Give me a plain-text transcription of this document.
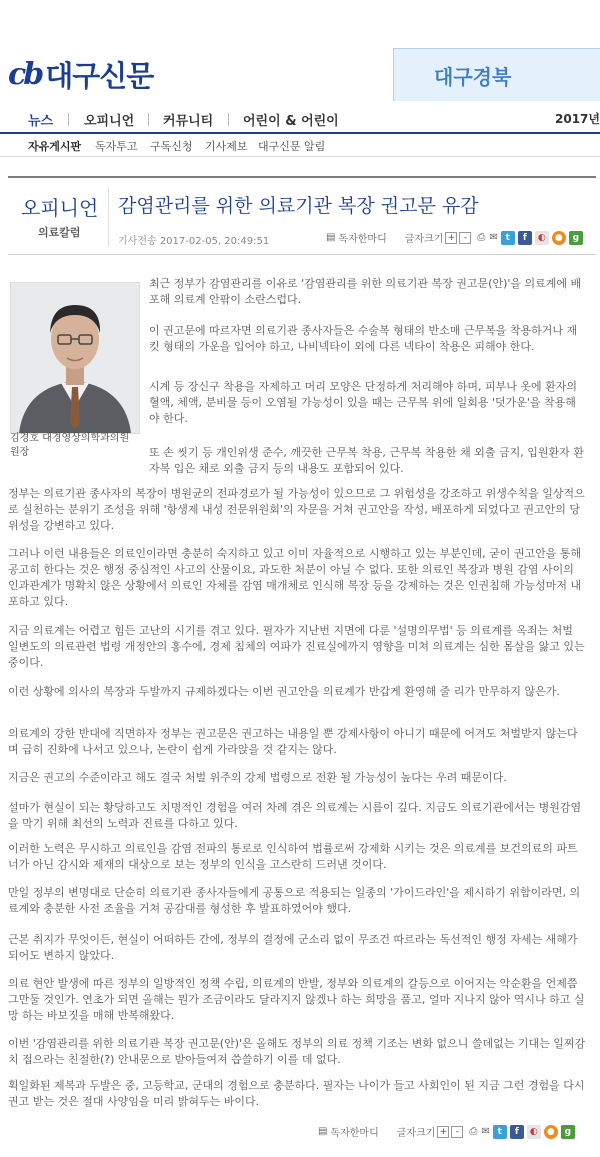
cb 대구신문	대구경북
뉴스 오피니언 커뮤니티 어린이 & 어린이	2017년
자유게시판 독자투고 구독신청 기사제보 대구신문 알림
오피니언
의료칼럼
감염관리를 위한 의료기관 복장 권고문 유감
기사전송 2017-02-05, 20:49:51	▤ 독자한마디 글자크기 + -	⎙ ✉ t	f	◐	●	g
김경호 대경영상의학과의원 원장

최근 정부가 감염관리를 이유로 '감염관리를 위한 의료기관 복장 권고문(안)'을 의료계에 배포해 의료계 안팎이 소란스럽다.

이 권고문에 따르자면 의료기관 종사자들은 수술복 형태의 반소매 근무복을 착용하거나 재킷 형태의 가운을 입어야 하고, 나비넥타이 외에 다른 넥타이 착용은 피해야 한다.

시계 등 장신구 착용을 자제하고 머리 모양은 단정하게 처리해야 하며, 피부나 옷에 환자의 혈액, 체액, 분비물 등이 오염될 가능성이 있을 때는 근무복 위에 일회용 '덧가운'을 착용해야 한다.

또 손 씻기 등 개인위생 준수, 깨끗한 근무복 착용, 근무복 착용한 채 외출 금지, 입원환자 환자복 입은 채로 외출 금지 등의 내용도 포함되어 있다.

정부는 의료기관 종사자의 복장이 병원균의 전파경로가 될 가능성이 있으므로 그 위험성을 강조하고 위생수칙을 일상적으로 실천하는 분위기 조성을 위해 '항생제 내성 전문위원회'의 자문을 거쳐 권고안을 작성, 배포하게 되었다고 권고안의 당위성을 강변하고 있다.

그러나 이런 내용들은 의료인이라면 충분히 숙지하고 있고 이미 자율적으로 시행하고 있는 부분인데, 굳이 권고안을 통해 공고히 한다는 것은 행정 중심적인 사고의 산물이요, 과도한 처분이 아닐 수 없다. 또한 의료인 복장과 병원 감염 사이의 인과관계가 명확치 않은 상황에서 의료인 자체를 감염 매개체로 인식해 복장 등을 강제하는 것은 인권침해 가능성마저 내포하고 있다.

지금 의료계는 어렵고 힘든 고난의 시기를 겪고 있다. 필자가 지난번 지면에 다룬 '설명의무법' 등 의료계를 옥죄는 처벌 일변도의 의료관련 법령 개정안의 홍수에, 경제 침체의 여파가 진료실에까지 영향을 미쳐 의료계는 심한 몸살을 앓고 있는 중이다.

이런 상황에 의사의 복장과 두발까지 규제하겠다는 이번 권고안을 의료계가 반갑게 환영해 줄 리가 만무하지 않은가.

의료계의 강한 반대에 직면하자 정부는 권고문은 권고하는 내용일 뿐 강제사항이 아니기 때문에 어겨도 처벌받지 않는다며 급히 진화에 나서고 있으나, 논란이 쉽게 가라앉을 것 같지는 않다.

지금은 권고의 수준이라고 해도 결국 처벌 위주의 강제 법령으로 전환 될 가능성이 높다는 우려 때문이다.

설마가 현실이 되는 황당하고도 치명적인 경험을 여러 차례 겪은 의료계는 시름이 깊다. 지금도 의료기관에서는 병원감염을 막기 위해 최선의 노력과 진료를 다하고 있다.

이러한 노력은 무시하고 의료인을 감염 전파의 통로로 인식하여 법률로써 강제화 시키는 것은 의료계를 보건의료의 파트너가 아닌 감시와 제재의 대상으로 보는 정부의 인식을 고스란히 드러낸 것이다.

만일 정부의 변명대로 단순히 의료기관 종사자들에게 공통으로 적용되는 일종의 '가이드라인'을 제시하기 위함이라면, 의료계와 충분한 사전 조율을 거쳐 공감대를 형성한 후 발표하였어야 했다.

근본 취지가 무엇이든, 현실이 어떠하든 간에, 정부의 결정에 군소리 없이 무조건 따르라는 독선적인 행정 자세는 새해가 되어도 변하지 않았다.

의료 현안 발생에 따른 정부의 일방적인 정책 수립, 의료계의 반발, 정부와 의료계의 갈등으로 이어지는 악순환을 언제쯤 그만둘 것인가. 연초가 되면 올해는 뭔가 조금이라도 달라지지 않겠나 하는 희망을 품고, 얼마 지나지 않아 역시나 하고 실망 하는 바보짓을 매해 반복해왔다.

이번 '감염관리를 위한 의료기관 복장 권고문(안)'은 올해도 정부의 의료 정책 기조는 변화 없으니 쓸데없는 기대는 일찌감치 접으라는 친절한(?) 안내문으로 받아들여져 씁쓸하기 이를 데 없다.

획일화된 제복과 두발은 중, 고등학교, 군대의 경험으로 충분하다. 필자는 나이가 들고 사회인이 된 지금 그런 경험을 다시 권고 받는 것은 절대 사양임을 미리 밝혀두는 바이다.

▤ 독자한마디 글자크기 + -	⎙ ✉ t	f	◐	●	g
